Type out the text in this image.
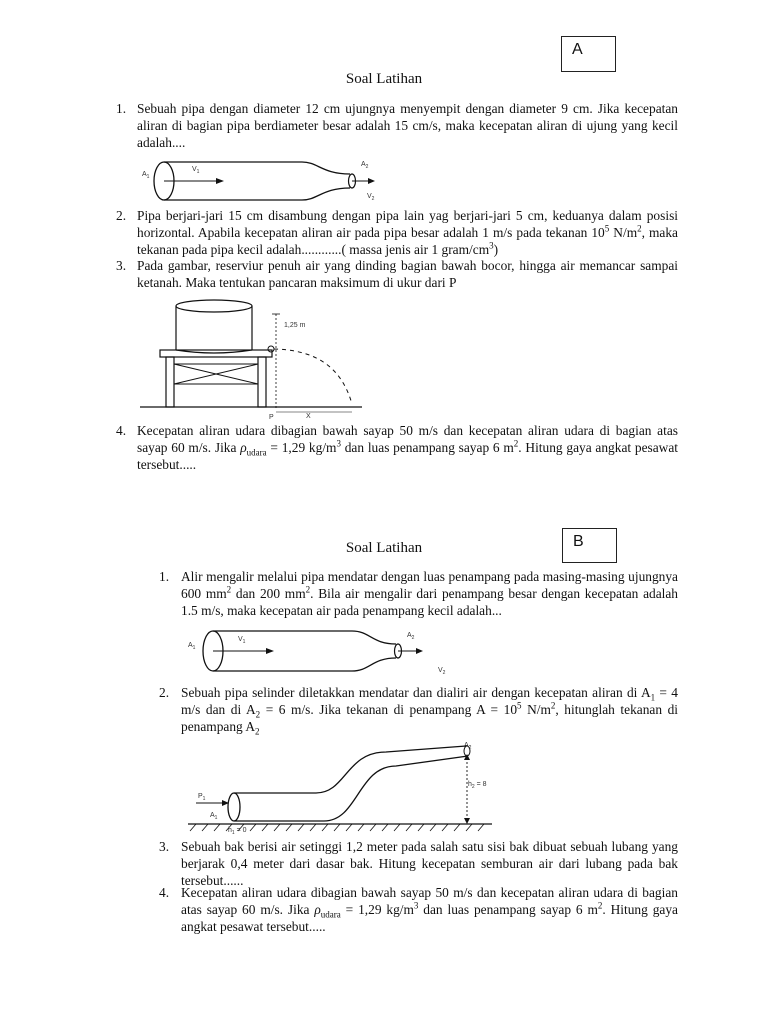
A
Soal Latihan
1. Sebuah pipa dengan diameter 12 cm ujungnya menyempit dengan diameter 9 cm. Jika kecepatan aliran di bagian pipa berdiameter besar adalah 15 cm/s, maka kecepatan aliran di ujung yang kecil adalah....
$A_1$
$V_1$
$A_2$
$V_2$
2. Pipa berjari-jari 15 cm disambung dengan pipa lain yag berjari-jari 5 cm, keduanya dalam posisi horizontal. Apabila kecepatan aliran air pada pipa besar adalah 1 m/s pada tekanan $10^5$ $N/m^2$, maka tekanan pada pipa kecil adalah............( massa jenis air 1 gram/$cm^3$)
3. Pada gambar, reserviur penuh air yang dinding bagian bawah bocor, hingga air memancar sampai ketanah. Maka tentukan pancaran maksimum di ukur dari P
1,25 m
P	X
4. Kecepatan aliran udara dibagian bawah sayap 50 m/s dan kecepatan aliran udara di bagian atas sayap 60 m/s. Jika $\rho_{udara} = 1,29$ $kg/m^3$ dan luas penampang sayap 6 $m^2$. Hitung gaya angkat pesawat tersebut.....
B
Soal Latihan
1. Alir mengalir melalui pipa mendatar dengan luas penampang pada masing-masing ujungnya 600 $mm^2$ dan 200 $mm^2$. Bila air mengalir dari penampang besar dengan kecepatan adalah 1.5 m/s, maka kecepatan air pada penampang kecil adalah...
$A_1$
$V_1$
$A_2$
$V_2$
2. Sebuah pipa selinder diletakkan mendatar dan dialiri air dengan kecepatan aliran di $A_1 = 4$ m/s dan di $A_2 = 6$ m/s. Jika tekanan di penampang $A = 10^5$ $N/m^2$, hitunglah tekanan di penampang $A_2$
$A_2$
$P_1$
$A_1$
$h_1 = 0$
$h_2 = 8$
3. Sebuah bak berisi air setinggi 1,2 meter pada salah satu sisi bak dibuat sebuah lubang yang berjarak 0,4 meter dari dasar bak. Hitung kecepatan semburan air dari lubang pada bak tersebut......
4. Kecepatan aliran udara dibagian bawah sayap 50 m/s dan kecepatan aliran udara di bagian atas sayap 60 m/s. Jika $\rho_{udara} = 1,29$ $kg/m^3$ dan luas penampang sayap 6 $m^2$. Hitung gaya angkat pesawat tersebut.....
